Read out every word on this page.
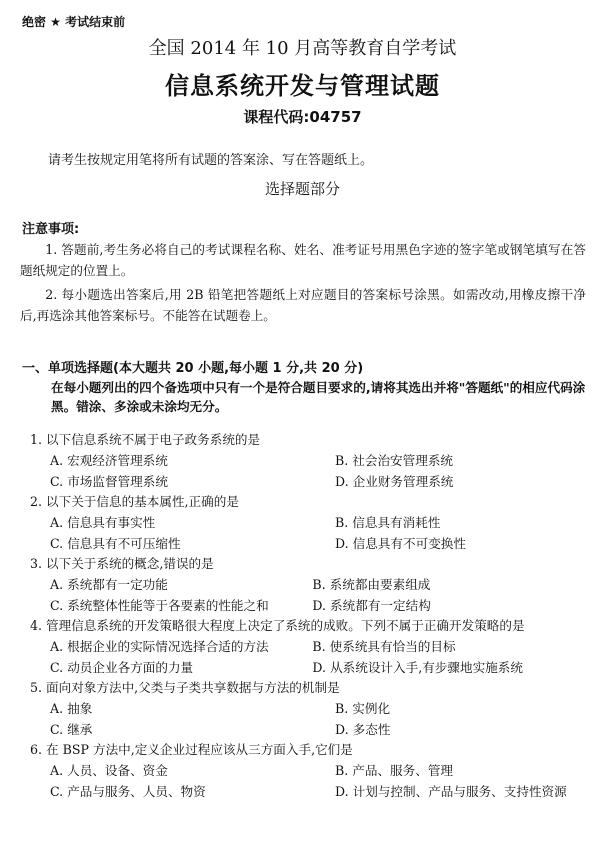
绝密 ★ 考试结束前
全国 2014 年 10 月高等教育自学考试
信息系统开发与管理试题
课程代码:04757
请考生按规定用笔将所有试题的答案涂、写在答题纸上。
选择题部分
注意事项:

1. 答题前,考生务必将自己的考试课程名称、姓名、准考证号用黑色字迹的签字笔或钢笔填写在答题纸规定的位置上。

2. 每小题选出答案后,用 2B 铅笔把答题纸上对应题目的答案标号涂黑。如需改动,用橡皮擦干净后,再选涂其他答案标号。不能答在试题卷上。

一、单项选择题(本大题共 20 小题,每小题 1 分,共 20 分)
在每小题列出的四个备选项中只有一个是符合题目要求的,请将其选出并将"答题纸"的相应代码涂黑。错涂、多涂或未涂均无分。
1. 以下信息系统不属于电子政务系统的是
A. 宏观经济管理系统	B. 社会治安管理系统
C. 市场监督管理系统	D. 企业财务管理系统
2. 以下关于信息的基本属性,正确的是
A. 信息具有事实性	B. 信息具有消耗性
C. 信息具有不可压缩性	D. 信息具有不可变换性
3. 以下关于系统的概念,错误的是
A. 系统都有一定功能	B. 系统都由要素组成
C. 系统整体性能等于各要素的性能之和	D. 系统都有一定结构
4. 管理信息系统的开发策略很大程度上决定了系统的成败。下列不属于正确开发策略的是
A. 根据企业的实际情况选择合适的方法	B. 使系统具有恰当的目标
C. 动员企业各方面的力量	D. 从系统设计入手,有步骤地实施系统
5. 面向对象方法中,父类与子类共享数据与方法的机制是
A. 抽象	B. 实例化
C. 继承	D. 多态性
6. 在 BSP 方法中,定义企业过程应该从三方面入手,它们是
A. 人员、设备、资金	B. 产品、服务、管理
C. 产品与服务、人员、物资	D. 计划与控制、产品与服务、支持性资源
